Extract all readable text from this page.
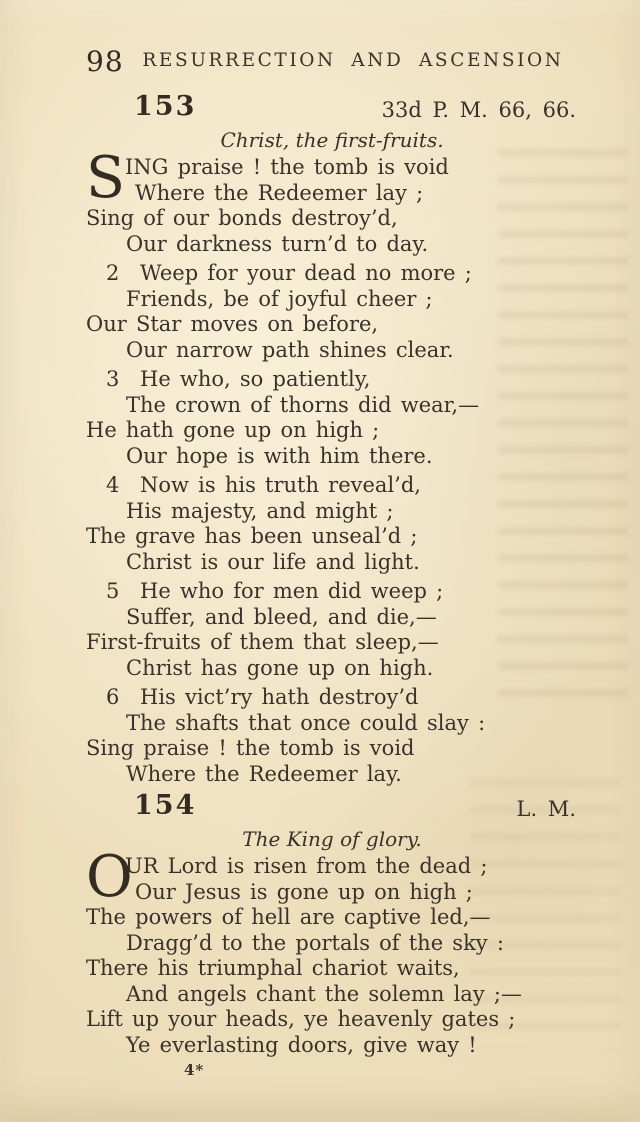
98	RESURRECTION AND ASCENSION
153	33d P. M. 66, 66.
Christ, the first-fruits.
S ING praise ! the tomb is void
Where the Redeemer lay ;
Sing of our bonds destroy’d,
Our darkness turn’d to day.
2 Weep for your dead no more ;
Friends, be of joyful cheer ;
Our Star moves on before,
Our narrow path shines clear.
3 He who, so patiently,
The crown of thorns did wear,—
He hath gone up on high ;
Our hope is with him there.
4 Now is his truth reveal’d,
His majesty, and might ;
The grave has been unseal’d ;
Christ is our life and light.
5 He who for men did weep ;
Suffer, and bleed, and die,—
First-fruits of them that sleep,—
Christ has gone up on high.
6 His vict’ry hath destroy’d
The shafts that once could slay :
Sing praise ! the tomb is void
Where the Redeemer lay.
154	L. M.
The King of glory.
O
UR Lord is risen from the dead ;
Our Jesus is gone up on high ;
The powers of hell are captive led,—
Dragg’d to the portals of the sky :
There his triumphal chariot waits,
And angels chant the solemn lay ;—
Lift up your heads, ye heavenly gates ;
Ye everlasting doors, give way !
4*
